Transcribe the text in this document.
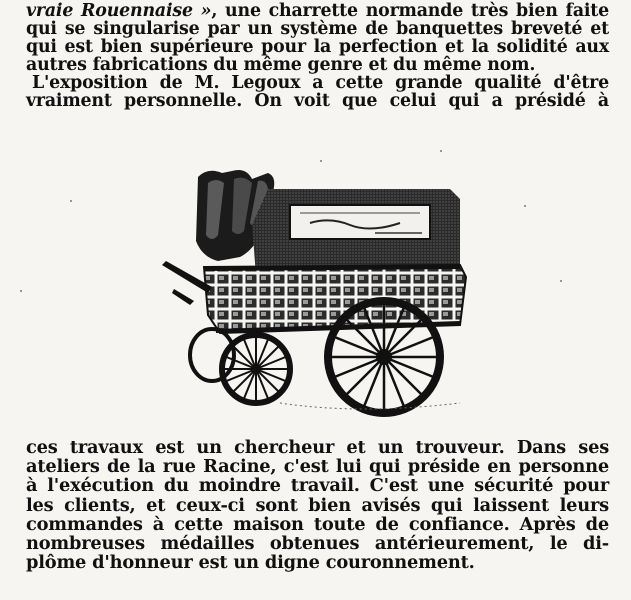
vraie Rouennaise », une charrette normande très bien faite
qui se singularise par un système de banquettes breveté et
qui est bien supérieure pour la perfection et la solidité aux
autres fabrications du même genre et du même nom.
L'exposition de M. Legoux a cette grande qualité d'être
vraiment personnelle. On voit que celui qui a présidé à
ces travaux est un chercheur et un trouveur. Dans ses
ateliers de la rue Racine, c'est lui qui préside en personne
à l'exécution du moindre travail. C'est une sécurité pour
les clients, et ceux-ci sont bien avisés qui laissent leurs
commandes à cette maison toute de confiance. Après de
nombreuses médailles obtenues antérieurement, le di-
plôme d'honneur est un digne couronnement.
